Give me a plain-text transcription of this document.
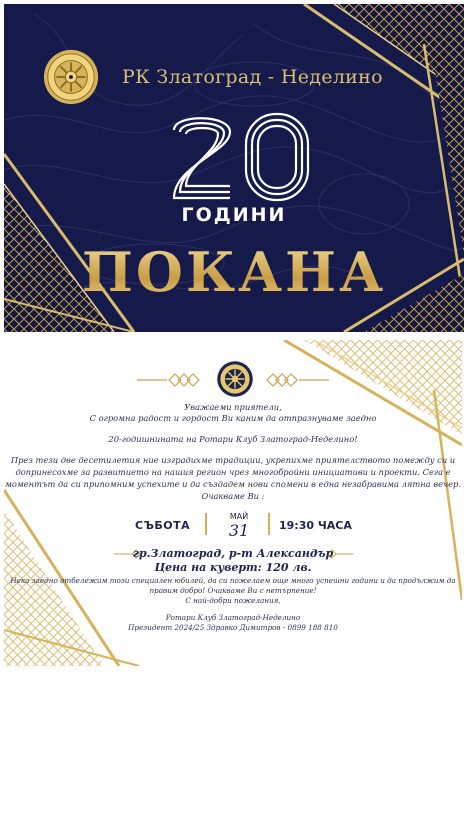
РК Златоград - Неделино
20
ГОДИНИ
ПОКАНА
Уважаеми приятели,
С огромна радост и гордост Ви каним да отпразнуваме заедно
20-годишнината на Ротари Клуб Златоград-Неделино!
През тези две десетилетия ние изградихме традиции, укрепихме приятелството помежду си и
допринесохме за развитието на нашия регион чрез многобройни инициативи и проекти. Сега е
моментът да си припомним успехите и да създадем нови спомени в една незабравима лятна вечер.
Очакваме Ви :
СЪБОТА
МАЙ
31	19:30 ЧАСА
гр.Златоград, р-т Александър
Цена на куверт: 120 лв.
Нека заедно отбележим този специален юбилей, да си пожелаем още много успешни години и да продължим да
правим добро! Очакваме Ви с нетърпение!
С най-добри пожелания,
Ротари Клуб Златоград-Неделино
Президент 2024/25 Здравко Димитров - 0899 188 810
